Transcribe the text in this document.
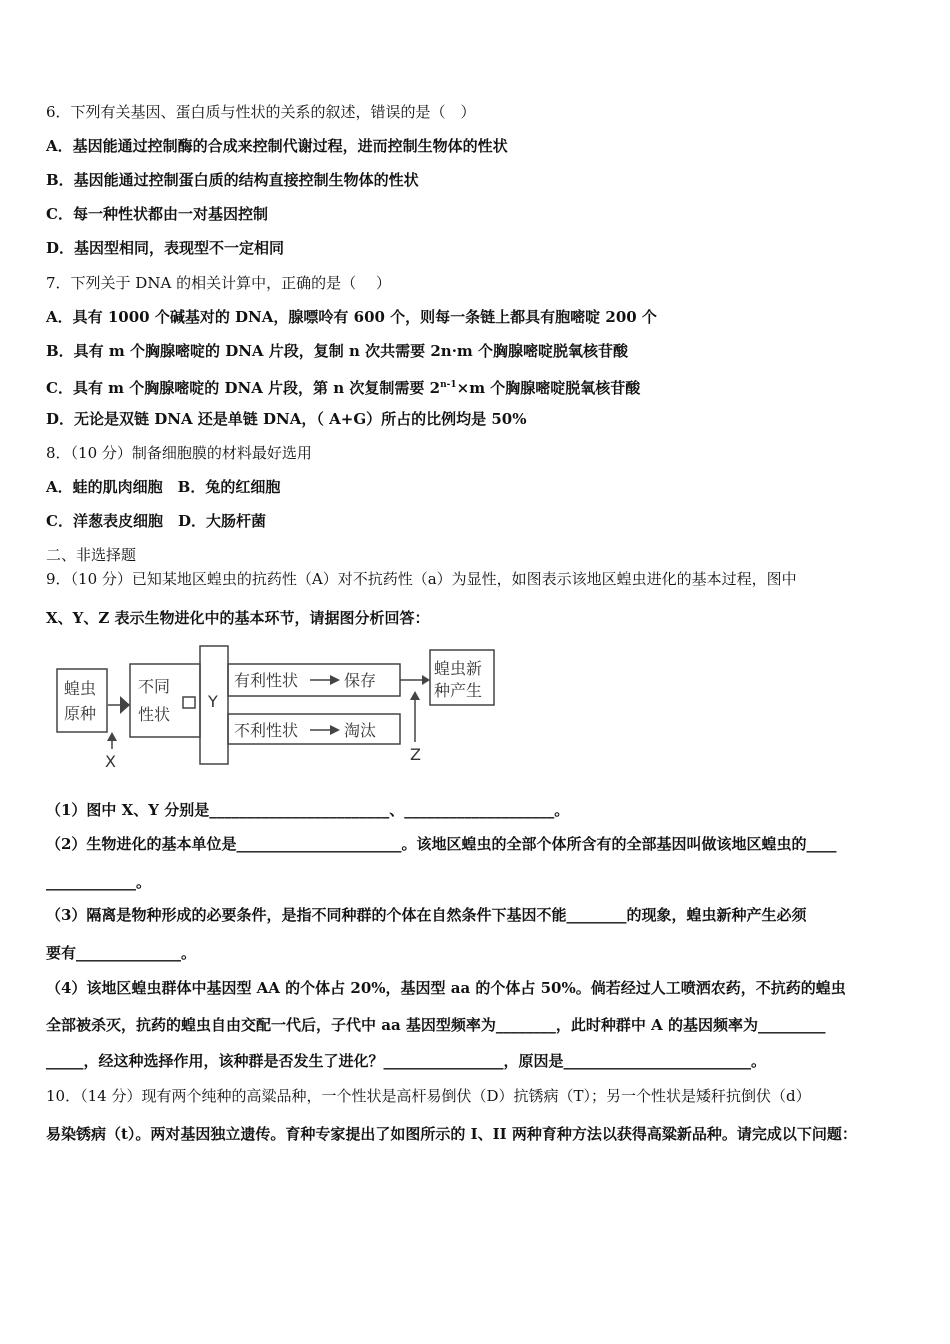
6．下列有关基因、蛋白质与性状的关系的叙述，错误的是（　）
A．基因能通过控制酶的合成来控制代谢过程，进而控制生物体的性状
B．基因能通过控制蛋白质的结构直接控制生物体的性状
C．每一种性状都由一对基因控制
D．基因型相同，表现型不一定相同
7．下列关于 DNA 的相关计算中，正确的是（　 ）
A．具有 1000 个碱基对的 DNA，腺嘌呤有 600 个，则每一条链上都具有胞嘧啶 200 个
B．具有 m 个胸腺嘧啶的 DNA 片段，复制 n 次共需要 2n·m 个胸腺嘧啶脱氧核苷酸
C．具有 m 个胸腺嘧啶的 DNA 片段，第 n 次复制需要 $2^{n-1}\times m$ 个胸腺嘧啶脱氧核苷酸
D．无论是双链 DNA 还是单链 DNA，（ A+G）所占的比例均是 50%
8．（10 分）制备细胞膜的材料最好选用
A．蛙的肌肉细胞　B．兔的红细胞
C．洋葱表皮细胞　D．大肠杆菌
二、非选择题
9．（10 分）已知某地区蝗虫的抗药性（A）对不抗药性（a）为显性，如图表示该地区蝗虫进化的基本过程，图中
X、Y、Z 表示生物进化中的基本环节，请据图分析回答：
蝗虫
原种
不同
性状
Y
有利性状	保存
不利性状	淘汰
蝗虫新
种产生
X	Z
（1）图中 X、Y 分别是________________________、____________________。
（2）生物进化的基本单位是______________________。该地区蝗虫的全部个体所含有的全部基因叫做该地区蝗虫的____
____________。
（3）隔离是物种形成的必要条件，是指不同种群的个体在自然条件下基因不能________的现象，蝗虫新种产生必须
要有______________。
（4）该地区蝗虫群体中基因型 AA 的个体占 20%，基因型 aa 的个体占 50%。倘若经过人工喷洒农药，不抗药的蝗虫
全部被杀灭，抗药的蝗虫自由交配一代后，子代中 aa 基因型频率为________，此时种群中 A 的基因频率为_________
_____，经这种选择作用，该种群是否发生了进化？________________，原因是_________________________。
10．（14 分）现有两个纯种的高粱品种，一个性状是高杆易倒伏（D）抗锈病（T）；另一个性状是矮秆抗倒伏（d）
易染锈病（t）。两对基因独立遗传。育种专家提出了如图所示的 I、II 两种育种方法以获得高粱新品种。请完成以下问题：
